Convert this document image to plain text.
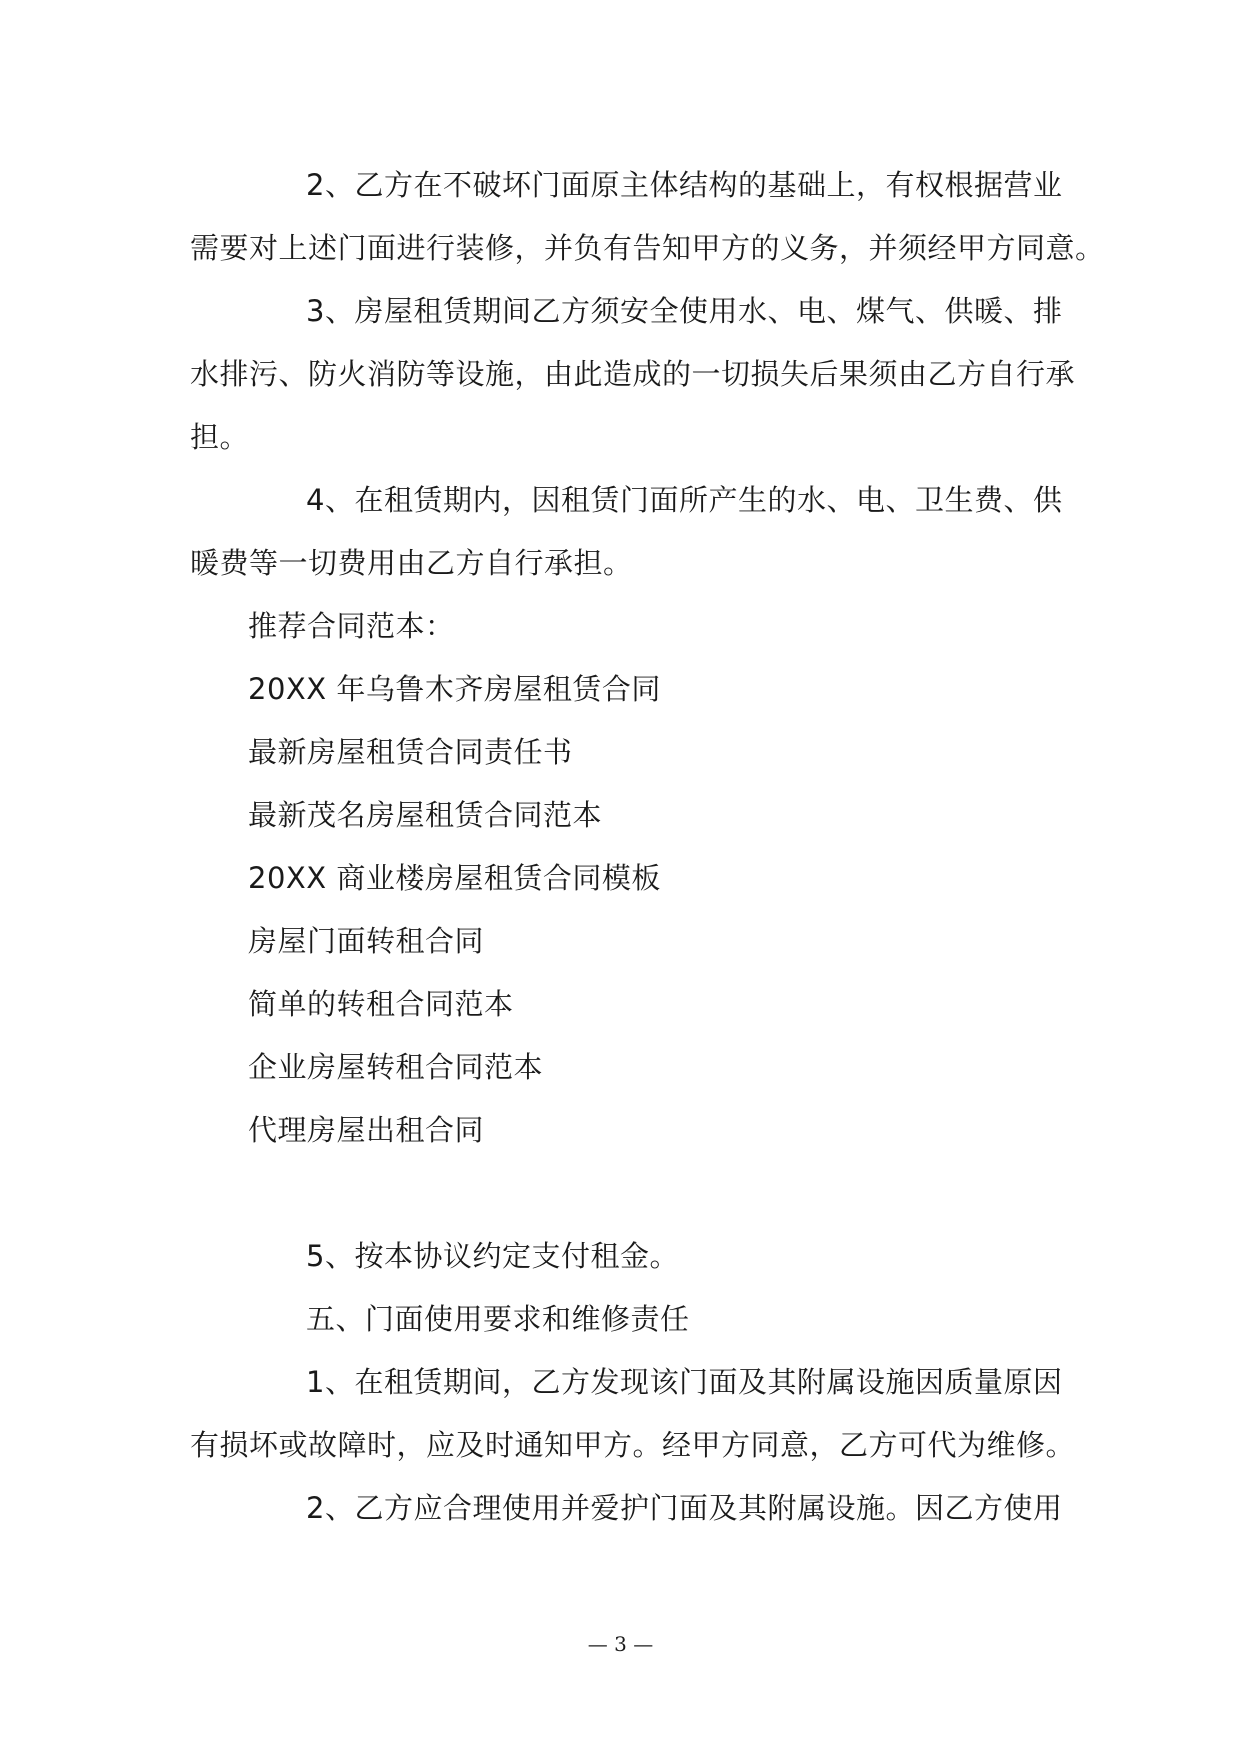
2、乙方在不破坏门面原主体结构的基础上，有权根据营业
需要对上述门面进行装修，并负有告知甲方的义务，并须经甲方同意。
3、房屋租赁期间乙方须安全使用水、电、煤气、供暖、排
水排污、防火消防等设施，由此造成的一切损失后果须由乙方自行承
担。
4、在租赁期内，因租赁门面所产生的水、电、卫生费、供
暖费等一切费用由乙方自行承担。
推荐合同范本：
20XX 年乌鲁木齐房屋租赁合同
最新房屋租赁合同责任书
最新茂名房屋租赁合同范本
20XX 商业楼房屋租赁合同模板
房屋门面转租合同
简单的转租合同范本
企业房屋转租合同范本
代理房屋出租合同
5、按本协议约定支付租金。
五、门面使用要求和维修责任
1、在租赁期间，乙方发现该门面及其附属设施因质量原因
有损坏或故障时，应及时通知甲方。经甲方同意，乙方可代为维修。
2、乙方应合理使用并爱护门面及其附属设施。因乙方使用
— 3 —
